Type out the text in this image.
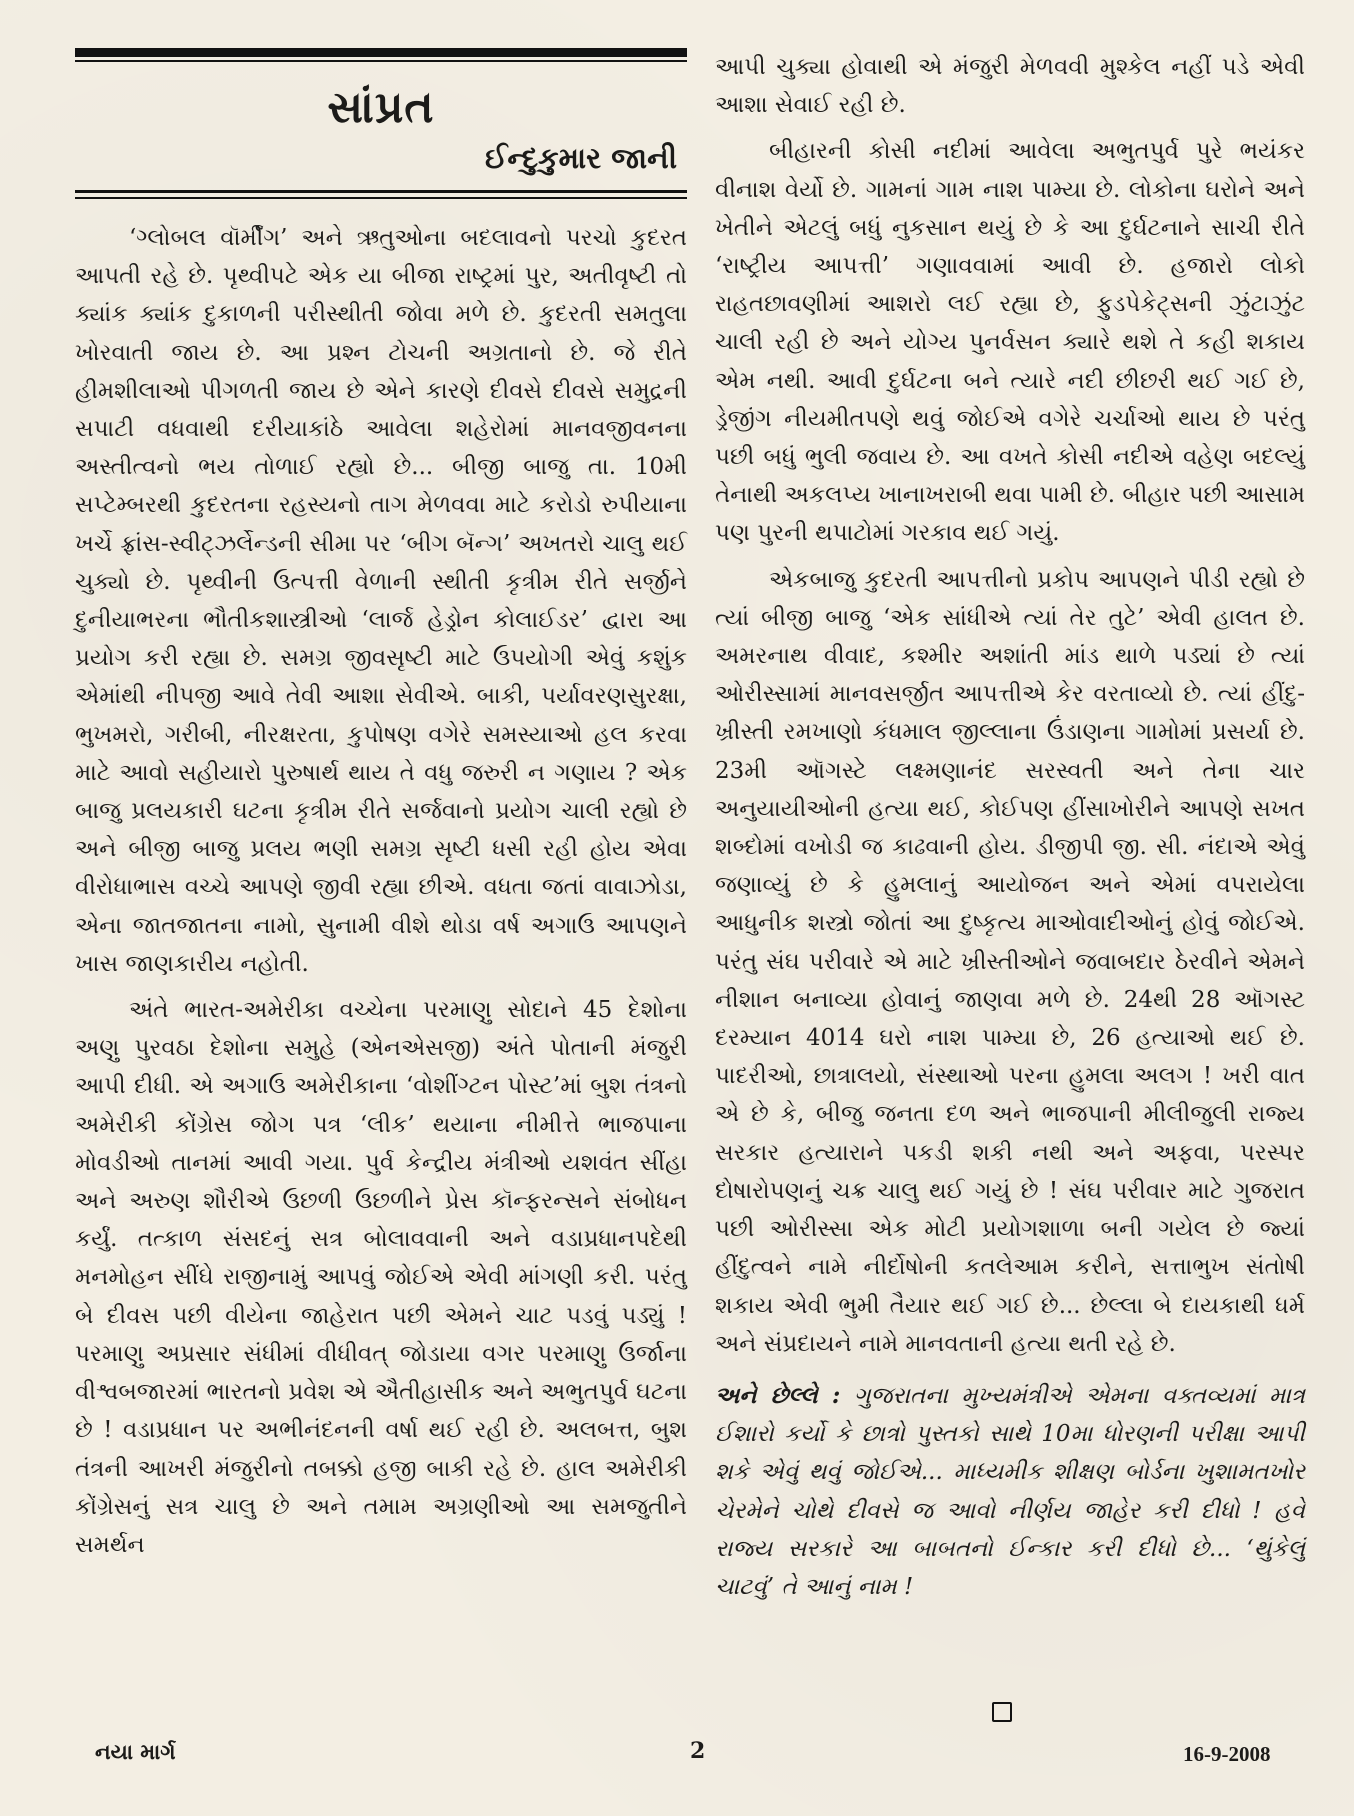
સાંપ્રત
ઈન્દુકુમાર જાની

‘ગ્લોબલ વૉર્મીંગ’ અને ઋતુઓના બદલાવનો પરચો કુદરત આપતી રહે છે. પૃથ્વીપટે એક યા બીજા રાષ્ટ્રમાં પુર, અતીવૃષ્ટી તો ક્યાંક ક્યાંક દુકાળની પરીસ્થીતી જોવા મળે છે. કુદરતી સમતુલા ખોરવાતી જાય છે. આ પ્રશ્ન ટોચની અગ્રતાનો છે. જે રીતે હીમશીલાઓ પીગળતી જાય છે એને કારણે દીવસે દીવસે સમુદ્રની સપાટી વધવાથી દરીયાકાંઠે આવેલા શહેરોમાં માનવજીવનના અસ્તીત્વનો ભય તોળાઈ રહ્યો છે... બીજી બાજુ તા. 10મી સપ્ટેમ્બરથી કુદરતના રહસ્યનો તાગ મેળવવા માટે કરોડો રુપીયાના ખર્ચે ફ્રાંસ-સ્વીટ્ઝર્લેન્ડની સીમા પર ‘બીગ બૅન્ગ’ અખતરો ચાલુ થઈ ચુક્યો છે. પૃથ્વીની ઉત્પત્તી વેળાની સ્થીતી કૃત્રીમ રીતે સર્જીને દુનીયાભરના ભૌતીકશાસ્ત્રીઓ ‘લાર્જ હેડ્રોન કોલાઈડર’ દ્વારા આ પ્રયોગ કરી રહ્યા છે. સમગ્ર જીવસૃષ્ટી માટે ઉપયોગી એવું કશુંક એમાંથી નીપજી આવે તેવી આશા સેવીએ. બાકી, પર્યાવરણસુરક્ષા, ભુખમરો, ગરીબી, નીરક્ષરતા, કુપોષણ વગેરે સમસ્યાઓ હલ કરવા માટે આવો સહીયારો પુરુષાર્થ થાય તે વધુ જરુરી ન ગણાય ? એક બાજુ પ્રલયકારી ઘટના કૃત્રીમ રીતે સર્જવાનો પ્રયોગ ચાલી રહ્યો છે અને બીજી બાજુ પ્રલય ભણી સમગ્ર સૃષ્ટી ધસી રહી હોય એવા વીરોધાભાસ વચ્ચે આપણે જીવી રહ્યા છીએ. વધતા જતાં વાવાઝોડા, એના જાતજાતના નામો, સુનામી વીશે થોડા વર્ષ અગાઉ આપણને ખાસ જાણકારીય નહોતી.

અંતે ભારત-અમેરીકા વચ્ચેના પરમાણુ સોદાને 45 દેશોના અણુ પુરવઠા દેશોના સમુહે (એનએસજી) અંતે પોતાની મંજુરી આપી દીધી. એ અગાઉ અમેરીકાના ‘વોશીંગ્ટન પોસ્ટ’માં બુશ તંત્રનો અમેરીકી કોંગ્રેસ જોગ પત્ર ‘લીક’ થયાના નીમીત્તે ભાજપાના મોવડીઓ તાનમાં આવી ગયા. પુર્વ કેન્દ્રીય મંત્રીઓ યશવંત સીંહા અને અરુણ શૌરીએ ઉછળી ઉછળીને પ્રેસ કૉન્ફરન્સને સંબોધન કર્યું. તત્કાળ સંસદનું સત્ર બોલાવવાની અને વડાપ્રધાનપદેથી મનમોહન સીંઘે રાજીનામું આપવું જોઈએ એવી માંગણી કરી. પરંતુ બે દીવસ પછી વીયેના જાહેરાત પછી એમને ચાટ પડવું પડ્યું ! પરમાણુ અપ્રસાર સંધીમાં વીધીવત્ જોડાયા વગર પરમાણુ ઉર્જાના વીશ્વબજારમાં ભારતનો પ્રવેશ એ ઐતીહાસીક અને અભુતપુર્વ ઘટના છે ! વડાપ્રધાન પર અભીનંદનની વર્ષા થઈ રહી છે. અલબત્ત, બુશ તંત્રની આખરી મંજુરીનો તબક્કો હજી બાકી રહે છે. હાલ અમેરીકી કોંગ્રેસનું સત્ર ચાલુ છે અને તમામ અગ્રણીઓ આ સમજુતીને સમર્થન

આપી ચુક્યા હોવાથી એ મંજુરી મેળવવી મુશ્કેલ નહીં પડે એવી આશા સેવાઈ રહી છે.

બીહારની કોસી નદીમાં આવેલા અભુતપુર્વ પુરે ભયંકર વીનાશ વેર્યો છે. ગામનાં ગામ નાશ પામ્યા છે. લોકોના ઘરોને અને ખેતીને એટલું બધું નુકસાન થયું છે કે આ દુર્ઘટનાને સાચી રીતે ‘રાષ્ટ્રીય આપત્તી’ ગણાવવામાં આવી છે. હજારો લોકો રાહતછાવણીમાં આશરો લઈ રહ્યા છે, ફુડપેકેટ્સની ઝુંટાઝુંટ ચાલી રહી છે અને યોગ્ય પુનર્વસન ક્યારે થશે તે કહી શકાય એમ નથી. આવી દુર્ઘટના બને ત્યારે નદી છીછરી થઈ ગઈ છે, ડ્રેજીંગ નીયમીતપણે થવું જોઈએ વગેરે ચર્ચાઓ થાય છે પરંતુ પછી બધું ભુલી જવાય છે. આ વખતે કોસી નદીએ વહેણ બદલ્યું તેનાથી અકલપ્ય ખાનાખરાબી થવા પામી છે. બીહાર પછી આસામ પણ પુરની થપાટોમાં ગરકાવ થઈ ગયું.

એકબાજુ કુદરતી આપત્તીનો પ્રકોપ આપણને પીડી રહ્યો છે ત્યાં બીજી બાજુ ‘એક સાંધીએ ત્યાં તેર તુટે’ એવી હાલત છે. અમરનાથ વીવાદ, કશ્મીર અશાંતી માંડ થાળે પડ્યાં છે ત્યાં ઓરીસ્સામાં માનવસર્જીત આપત્તીએ કેર વરતાવ્યો છે. ત્યાં હીંદુ-ખ્રીસ્તી રમખાણો કંધમાલ જીલ્લાના ઉંડાણના ગામોમાં પ્રસર્યા છે. 23મી ઑગસ્ટે લક્ષ્મણાનંદ સરસ્વતી અને તેના ચાર અનુયાયીઓની હત્યા થઈ, કોઈપણ હીંસાખોરીને આપણે સખત શબ્દોમાં વખોડી જ કાઢવાની હોય. ડીજીપી જી. સી. નંદાએ એવું જણાવ્યું છે કે હુમલાનું આયોજન અને એમાં વપરાયેલા આધુનીક શસ્ત્રો જોતાં આ દુષ્કૃત્ય માઓવાદીઓનું હોવું જોઈએ. પરંતુ સંઘ પરીવારે એ માટે ખ્રીસ્તીઓને જવાબદાર ઠેરવીને એમને નીશાન બનાવ્યા હોવાનું જાણવા મળે છે. 24થી 28 ઑગસ્ટ દરમ્યાન 4014 ઘરો નાશ પામ્યા છે, 26 હત્યાઓ થઈ છે. પાદરીઓ, છાત્રાલયો, સંસ્થાઓ પરના હુમલા અલગ ! ખરી વાત એ છે કે, બીજુ જનતા દળ અને ભાજપાની મીલીજુલી રાજ્ય સરકાર હત્યારાને પકડી શકી નથી અને અફવા, પરસ્પર દોષારોપણનું ચક્ર ચાલુ થઈ ગયું છે ! સંઘ પરીવાર માટે ગુજરાત પછી ઓરીસ્સા એક મોટી પ્રયોગશાળા બની ગયેલ છે જ્યાં હીંદુત્વને નામે નીર્દોષોની કતલેઆમ કરીને, સત્તાભુખ સંતોષી શકાય એવી ભુમી તૈયાર થઈ ગઈ છે... છેલ્લા બે દાયકાથી ધર્મ અને સંપ્રદાયને નામે માનવતાની હત્યા થતી રહે છે.

અને છેલ્લે : ગુજરાતના મુખ્યમંત્રીએ એમના વક્તવ્યમાં માત્ર ઈશારો કર્યો કે છાત્રો પુસ્તકો સાથે 10મા ધોરણની પરીક્ષા આપી શકે એવું થવું જોઈએ... માધ્યમીક શીક્ષણ બોર્ડના ખુશામતખોર ચેરમેને ચોથે દીવસે જ આવો નીર્ણય જાહેર કરી દીધો ! હવે રાજ્ય સરકારે આ બાબતનો ઈન્કાર કરી દીધો છે... ‘થુંકેલું ચાટવું’ તે આનું નામ !

નયા માર્ગ	2	16-9-2008
